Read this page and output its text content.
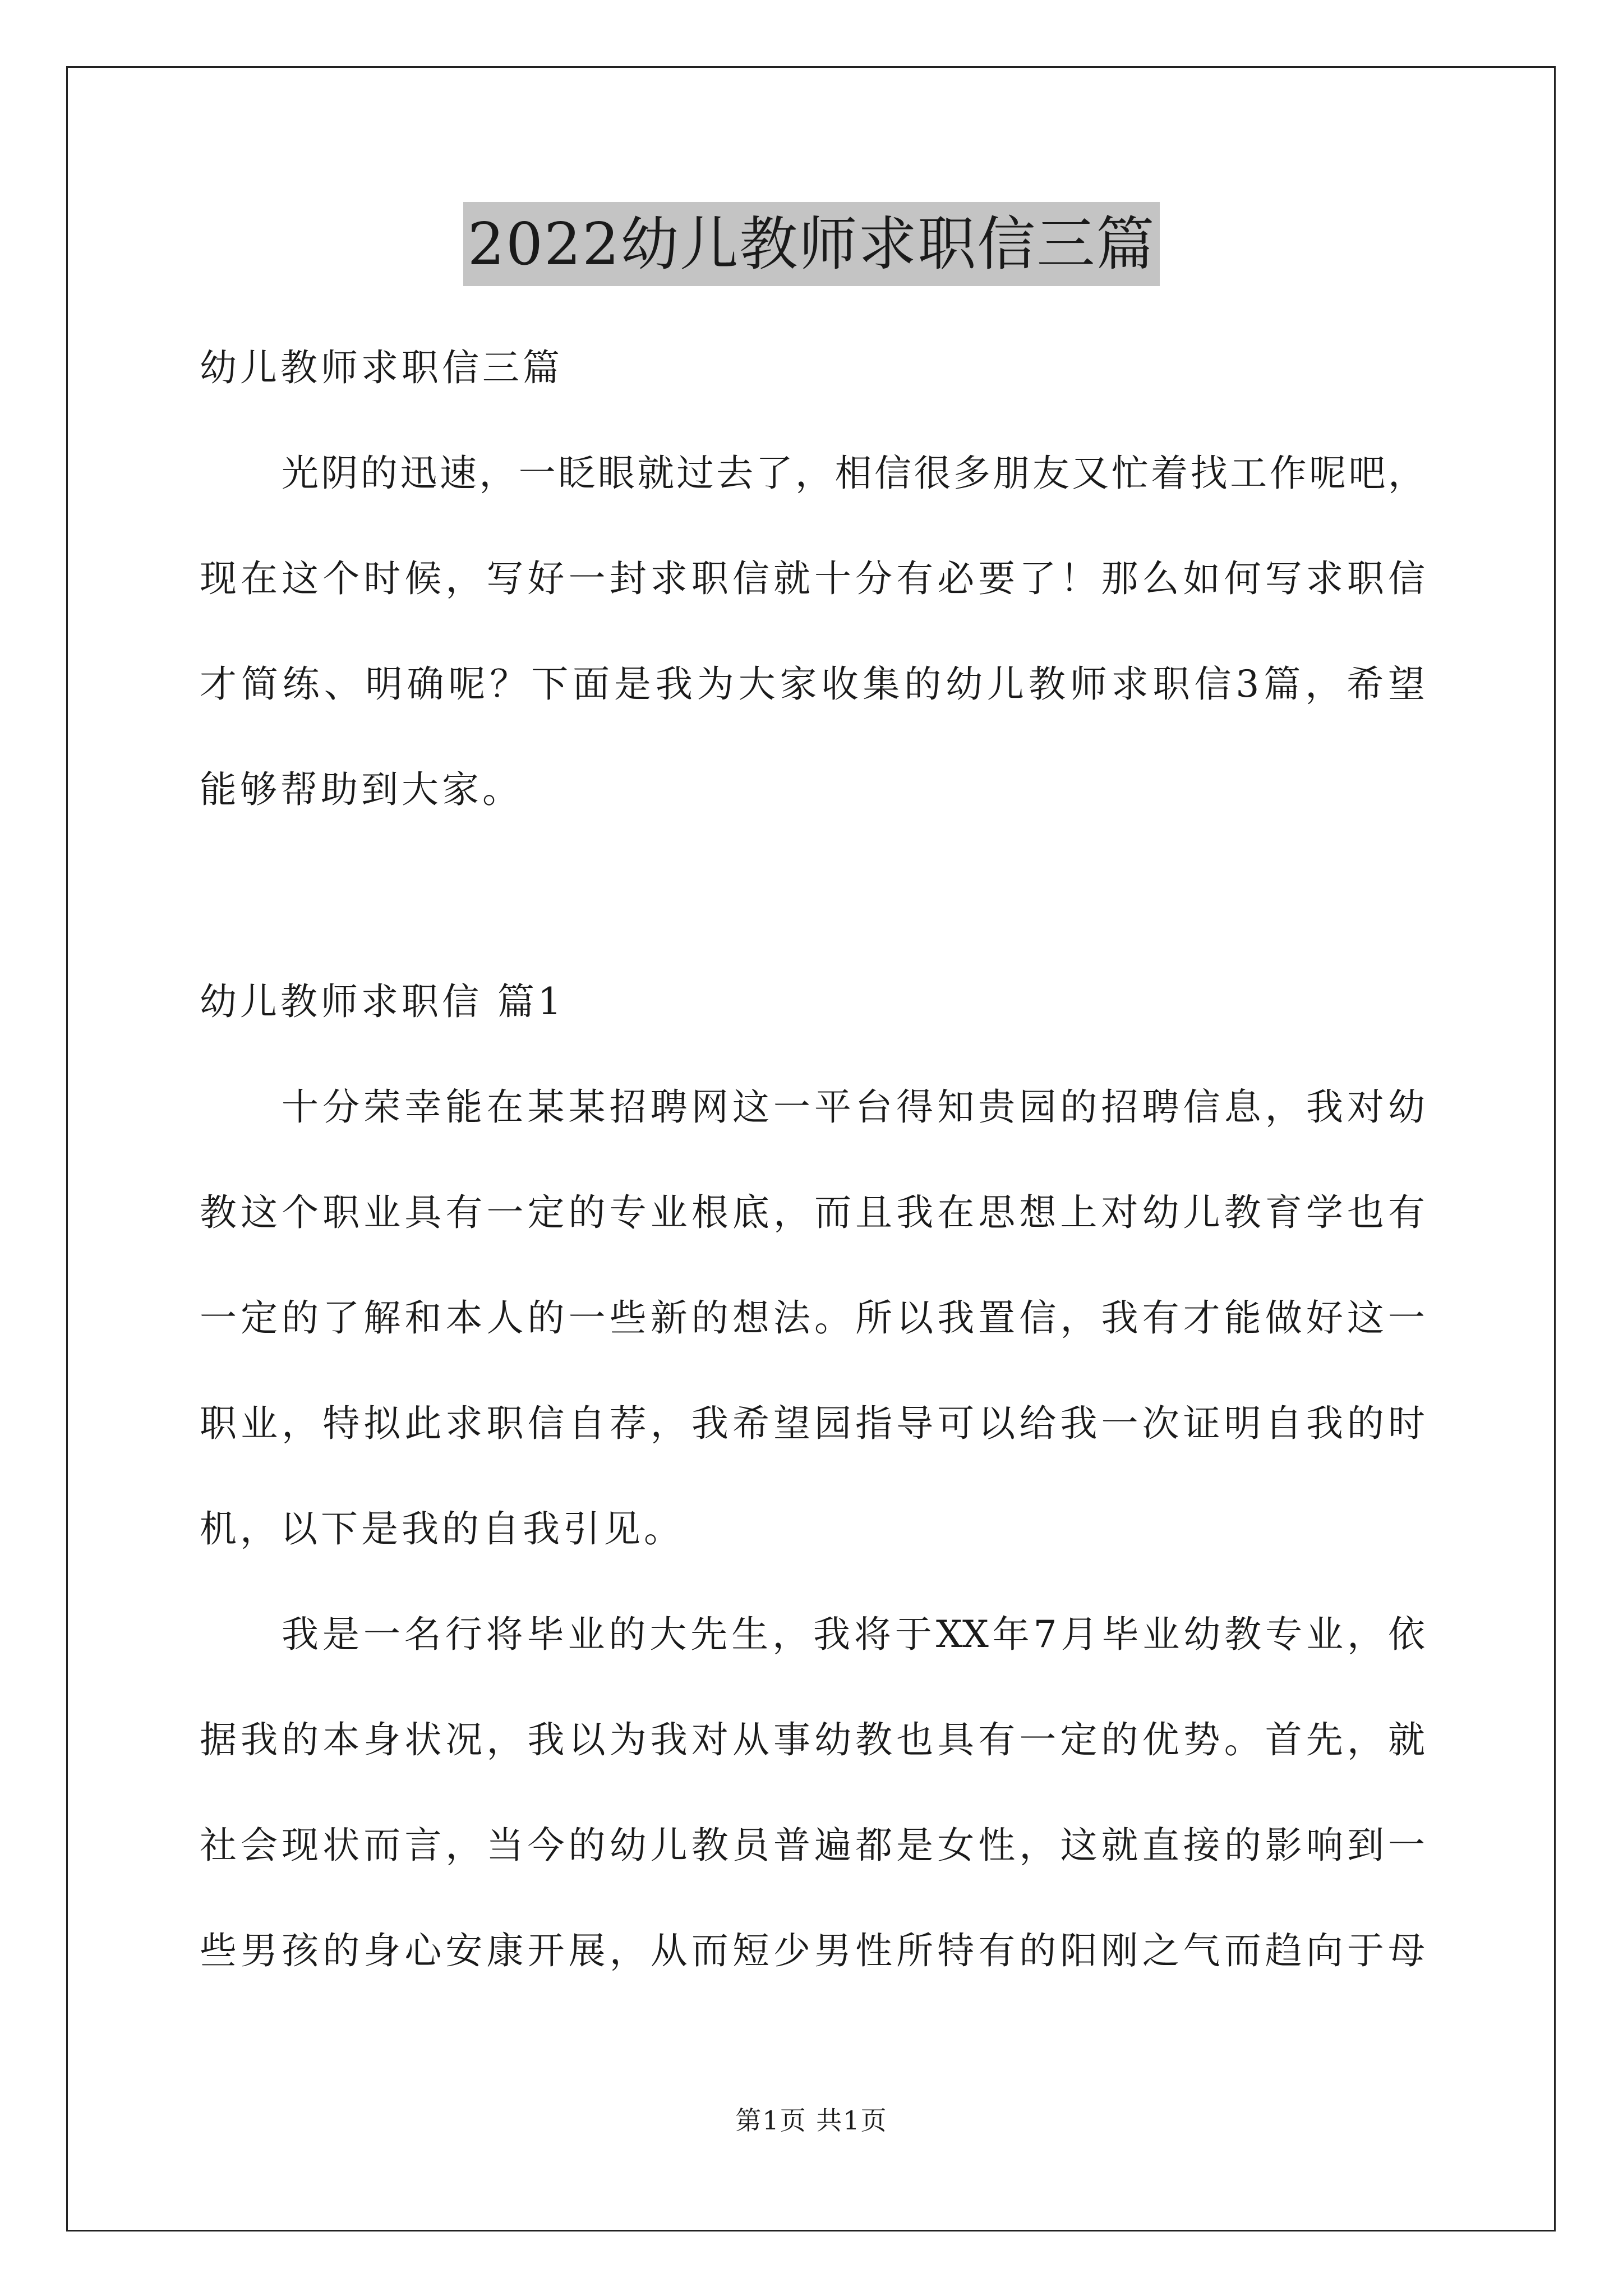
2022幼儿教师求职信三篇
幼儿教师求职信三篇
光阴的迅速，一眨眼就过去了，相信很多朋友又忙着找工作呢吧，
现在这个时候，写好一封求职信就十分有必要了！那么如何写求职信
才简练、明确呢？下面是我为大家收集的幼儿教师求职信3篇，希望
能够帮助到大家。
幼儿教师求职信 篇1
十分荣幸能在某某招聘网这一平台得知贵园的招聘信息，我对幼
教这个职业具有一定的专业根底，而且我在思想上对幼儿教育学也有
一定的了解和本人的一些新的想法。所以我置信，我有才能做好这一
职业，特拟此求职信自荐，我希望园指导可以给我一次证明自我的时
机，以下是我的自我引见。
我是一名行将毕业的大先生，我将于XX年7月毕业幼教专业，依
据我的本身状况，我以为我对从事幼教也具有一定的优势。首先，就
社会现状而言，当今的幼儿教员普遍都是女性，这就直接的影响到一
些男孩的身心安康开展，从而短少男性所特有的阳刚之气而趋向于母
第1页 共1页
